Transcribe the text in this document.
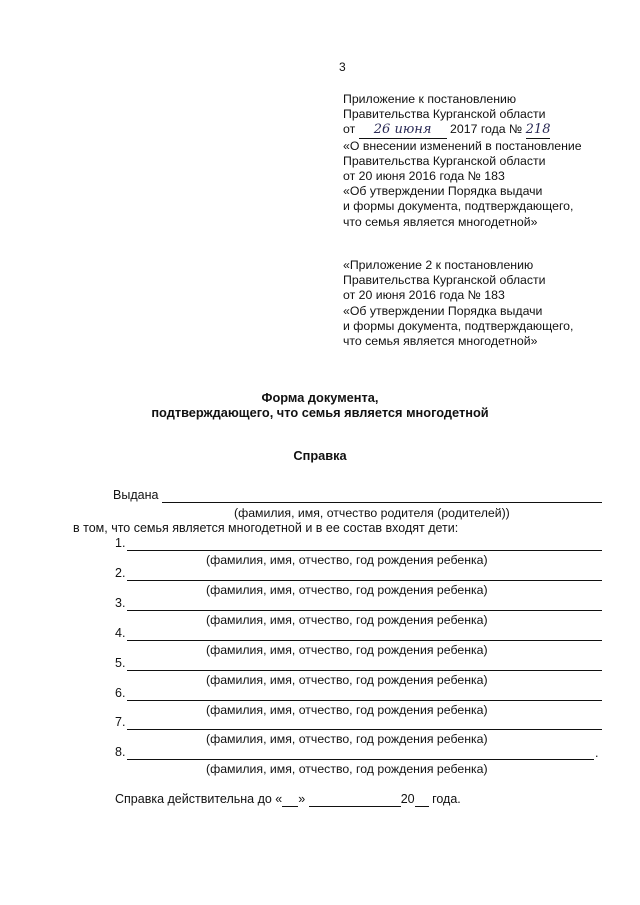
3
Приложение к постановлению
Правительства Курганской области
от 26 июня 2017 года № 218
«О внесении изменений в постановление
Правительства Курганской области
от 20 июня 2016 года № 183
«Об утверждении Порядка выдачи
и формы документа, подтверждающего,
что семья является многодетной»
«Приложение 2 к постановлению
Правительства Курганской области
от 20 июня 2016 года № 183
«Об утверждении Порядка выдачи
и формы документа, подтверждающего,
что семья является многодетной»
Форма документа,
подтверждающего, что семья является многодетной
Справка
Выдана
(фамилия, имя, отчество родителя (родителей))
в том, что семья является многодетной и в ее состав входят дети:
1.
(фамилия, имя, отчество, год рождения ребенка)
2.
(фамилия, имя, отчество, год рождения ребенка)
3.
(фамилия, имя, отчество, год рождения ребенка)
4.
(фамилия, имя, отчество, год рождения ребенка)
5.
(фамилия, имя, отчество, год рождения ребенка)
6.
(фамилия, имя, отчество, год рождения ребенка)
7.
(фамилия, имя, отчество, год рождения ребенка)
8.	.
(фамилия, имя, отчество, год рождения ребенка)
Справка действительна до « »	20 года.
